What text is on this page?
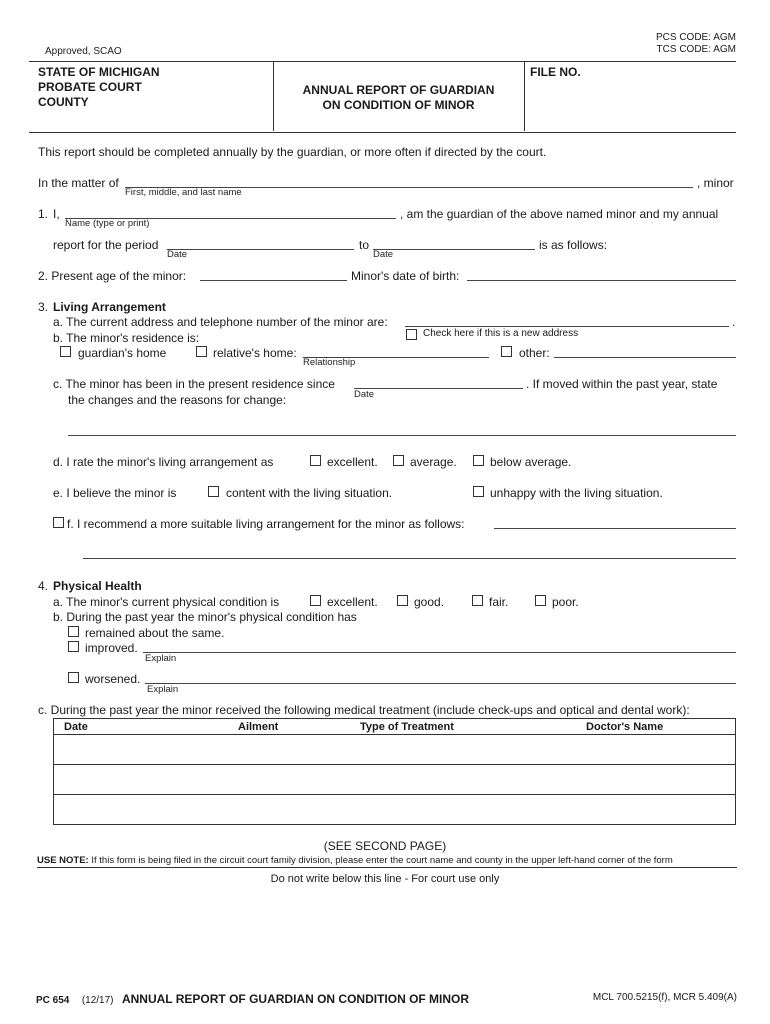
PCS CODE: AGM
TCS CODE: AGM
Approved, SCAO
STATE OF MICHIGAN
PROBATE COURT
COUNTY
ANNUAL REPORT OF GUARDIAN
ON CONDITION OF MINOR
FILE NO.
This report should be completed annually by the guardian, or more often if directed by the court.
In the matter of	, minor
First, middle, and last name
1. I,
Name (type or print)
, am the guardian of the above named minor and my annual
report for the period
Date
to
Date
is as follows:
2. Present age of the minor:	Minor's date of birth:
3. Living Arrangement
a. The current address and telephone number of the minor are:	.
Check here if this is a new address
b. The minor's residence is:
guardian's home	relative's home:
Relationship
other:
c. The minor has been in the present residence since
Date
. If moved within the past year, state
the changes and the reasons for change:
d. I rate the minor's living arrangement as	excellent.	average.	below average.
e. I believe the minor is	content with the living situation.	unhappy with the living situation.
f. I recommend a more suitable living arrangement for the minor as follows:
4. Physical Health
a. The minor's current physical condition is	excellent.	good.	fair.	poor.
b. During the past year the minor's physical condition has
remained about the same.
improved.
Explain
worsened.
Explain
c. During the past year the minor received the following medical treatment (include check-ups and optical and dental work):
Date	Ailment	Type of Treatment	Doctor's Name

(SEE SECOND PAGE)
USE NOTE: If this form is being filed in the circuit court family division, please enter the court name and county in the upper left-hand corner of the form
Do not write below this line - For court use only
PC 654 (12/17) ANNUAL REPORT OF GUARDIAN ON CONDITION OF MINOR	MCL 700.5215(f), MCR 5.409(A)
